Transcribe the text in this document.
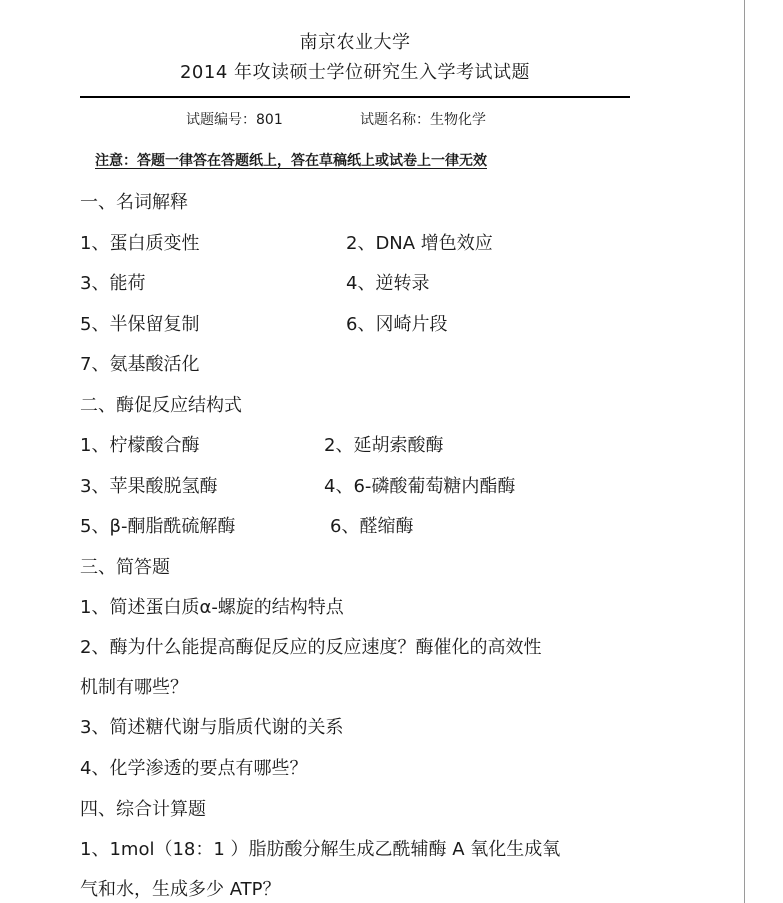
南京农业大学
2014 年攻读硕士学位研究生入学考试试题
试题编号：801	试题名称：生物化学
注意：答题一律答在答题纸上，答在草稿纸上或试卷上一律无效
一、名词解释
1、蛋白质变性	2、DNA 增色效应
3、能荷	4、逆转录
5、半保留复制	6、冈崎片段
7、氨基酸活化
二、酶促反应结构式
1、柠檬酸合酶	2、延胡索酸酶
3、苹果酸脱氢酶	4、6-磷酸葡萄糖内酯酶
5、β-酮脂酰硫解酶	6、醛缩酶
三、简答题
1、简述蛋白质α-螺旋的结构特点
2、酶为什么能提高酶促反应的反应速度？酶催化的高效性
机制有哪些？
3、简述糖代谢与脂质代谢的关系
4、化学渗透的要点有哪些？
四、综合计算题
1、1mol（18：1 ）脂肪酸分解生成乙酰辅酶 A 氧化生成氧
气和水，生成多少 ATP？
